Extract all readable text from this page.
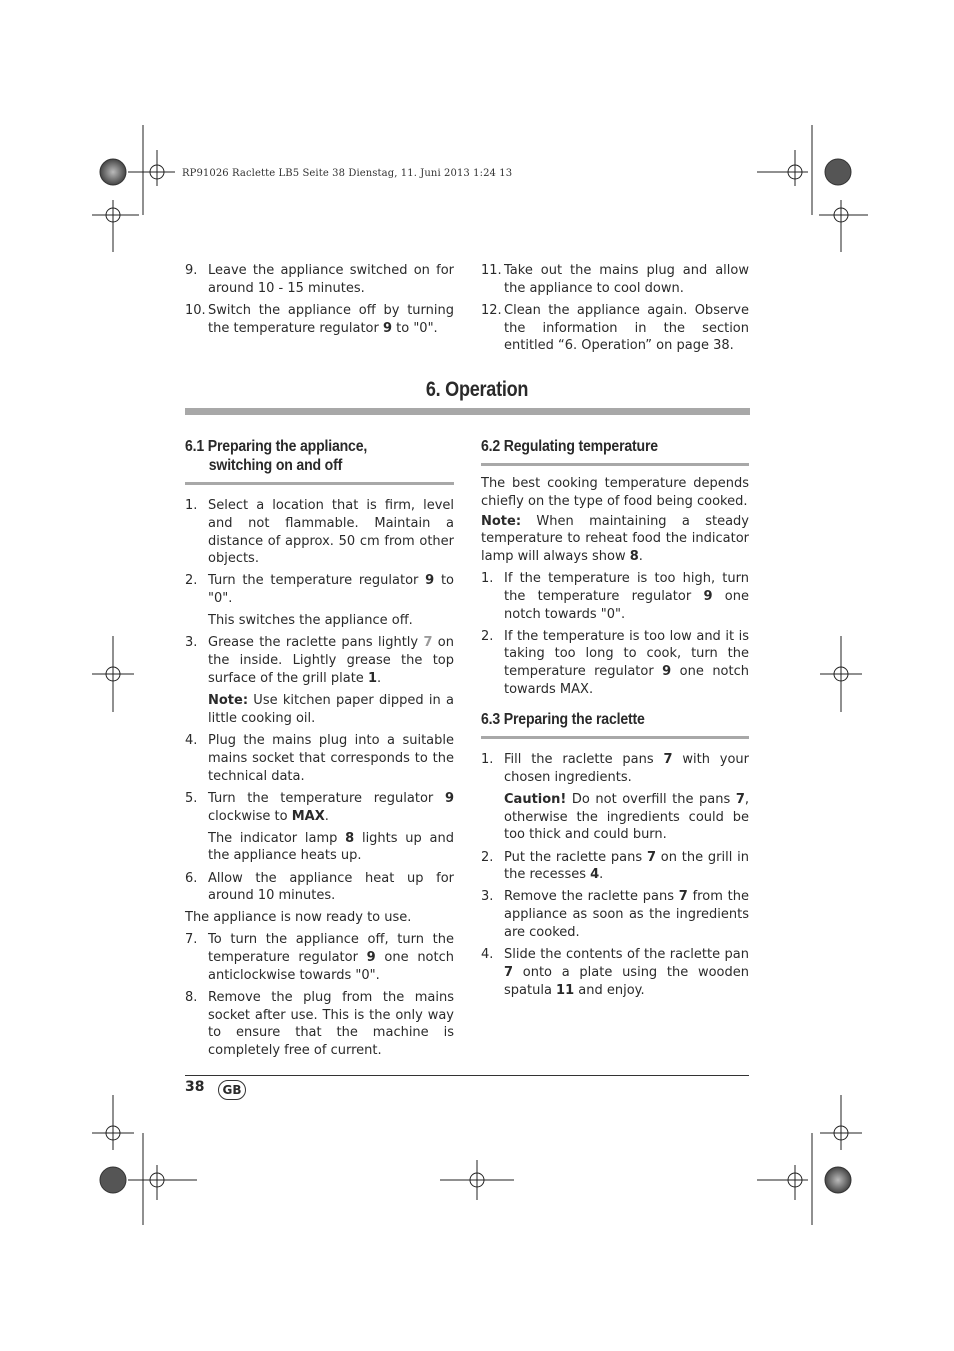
RP91026 Raclette LB5 Seite 38 Dienstag, 11. Juni 2013 1:24 13
9. Leave the appliance switched on for around 10 - 15 minutes.
10. Switch the appliance off by turning the temperature regulator 9 to "0".
11. Take out the mains plug and allow the appliance to cool down.
12. Clean the appliance again. Observe the information in the section entitled “6. Operation” on page 38.
6. Operation
6.1 Preparing the appliance,
switching on and off
1. Select a location that is firm, level and not flammable. Maintain a distance of approx. 50 cm from other objects.
2. Turn the temperature regulator 9 to "0".
This switches the appliance off.
3. Grease the raclette pans lightly 7 on the inside. Lightly grease the top surface of the grill plate 1.
Note: Use kitchen paper dipped in a little cooking oil.
4. Plug the mains plug into a suitable mains socket that corresponds to the technical data.
5. Turn the temperature regulator 9 clockwise to MAX.
The indicator lamp 8 lights up and the appliance heats up.
6. Allow the appliance heat up for around 10 minutes.
The appliance is now ready to use.
7. To turn the appliance off, turn the temperature regulator 9 one notch anticlockwise towards "0".
8. Remove the plug from the mains socket after use. This is the only way to ensure that the machine is completely free of current.
6.2 Regulating temperature
The best cooking temperature depends chiefly on the type of food being cooked.
Note: When maintaining a steady temperature to reheat food the indicator lamp will always show 8.
1. If the temperature is too high, turn the temperature regulator 9 one notch towards "0".
2. If the temperature is too low and it is taking too long to cook, turn the temperature regulator 9 one notch towards MAX.
6.3 Preparing the raclette
1. Fill the raclette pans 7 with your chosen ingredients.
Caution! Do not overfill the pans 7, otherwise the ingredients could be too thick and could burn.
2. Put the raclette pans 7 on the grill in the recesses 4.
3. Remove the raclette pans 7 from the appliance as soon as the ingredients are cooked.
4. Slide the contents of the raclette pan 7 onto a plate using the wooden spatula 11 and enjoy.
38	GB
